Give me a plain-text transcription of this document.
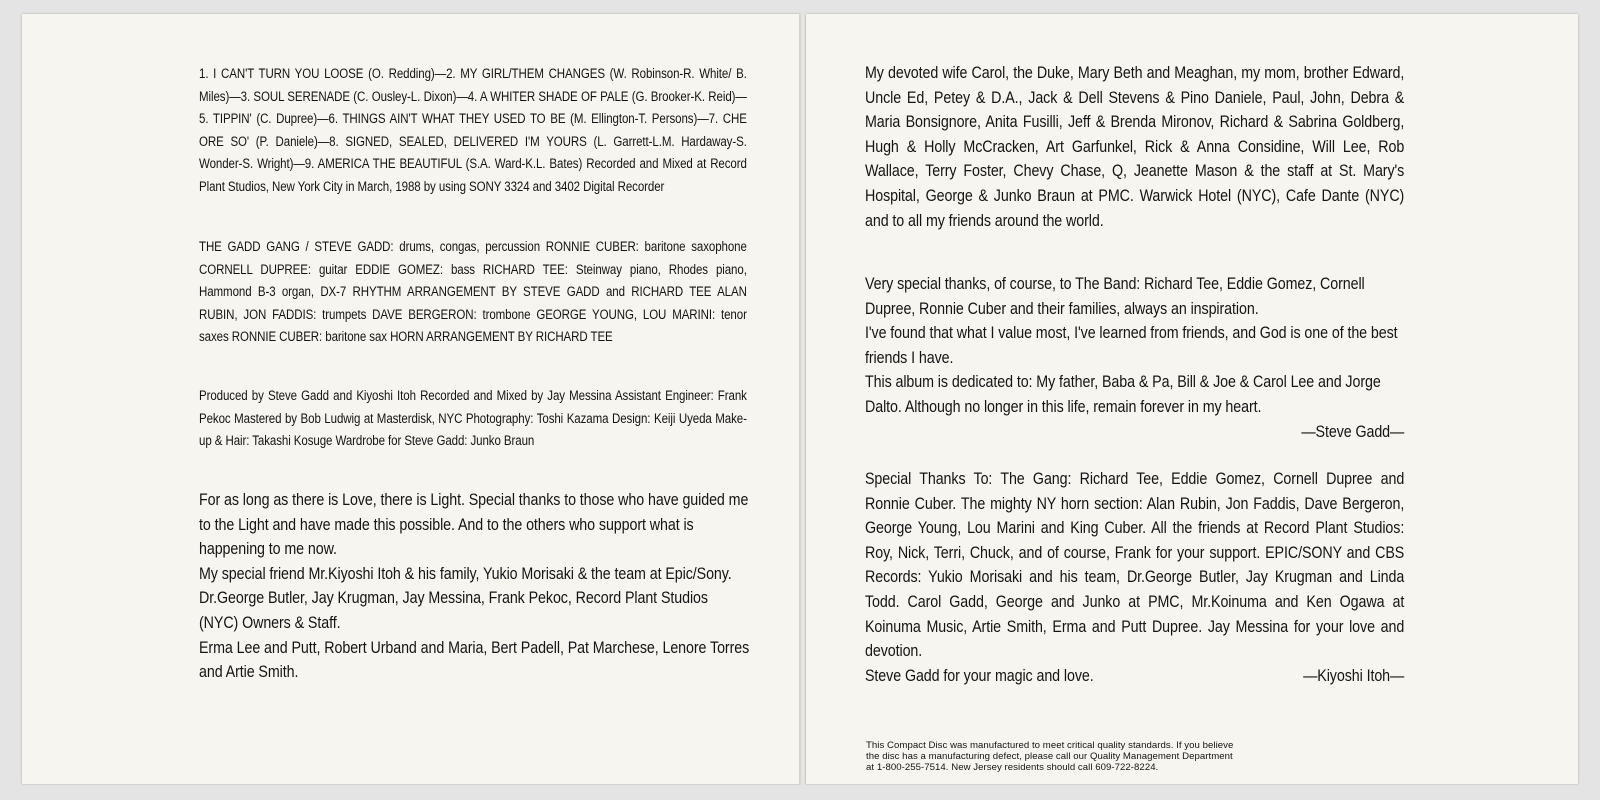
1. I CAN'T TURN YOU LOOSE (O. Redding)—2. MY GIRL/THEM CHANGES (W. Robinson-R. White/ B. Miles)—3. SOUL SERENADE (C. Ousley-L. Dixon)—4. A WHITER SHADE OF PALE (G. Brooker-K. Reid)—5. TIPPIN' (C. Dupree)—6. THINGS AIN'T WHAT THEY USED TO BE (M. Ellington-T. Persons)—7. CHE ORE SO' (P. Daniele)—8. SIGNED, SEALED, DELIVERED I'M YOURS (L. Garrett-L.M. Hardaway-S. Wonder-S. Wright)—9. AMERICA THE BEAUTIFUL (S.A. Ward-K.L. Bates) Recorded and Mixed at Record Plant Studios, New York City in March, 1988 by using SONY 3324 and 3402 Digital Recorder

THE GADD GANG / STEVE GADD: drums, congas, percussion RONNIE CUBER: baritone saxophone CORNELL DUPREE: guitar EDDIE GOMEZ: bass RICHARD TEE: Steinway piano, Rhodes piano, Hammond B-3 organ, DX-7 RHYTHM ARRANGEMENT BY STEVE GADD and RICHARD TEE ALAN RUBIN, JON FADDIS: trumpets DAVE BERGERON: trombone GEORGE YOUNG, LOU MARINI: tenor saxes RONNIE CUBER: baritone sax HORN ARRANGEMENT BY RICHARD TEE

Produced by Steve Gadd and Kiyoshi Itoh Recorded and Mixed by Jay Messina Assistant Engineer: Frank Pekoc Mastered by Bob Ludwig at Masterdisk, NYC Photography: Toshi Kazama Design: Keiji Uyeda Make-up & Hair: Takashi Kosuge Wardrobe for Steve Gadd: Junko Braun

For as long as there is Love, there is Light. Special thanks to those who have guided me to the Light and have made this possible. And to the others who support what is happening to me now.

My special friend Mr.Kiyoshi Itoh & his family, Yukio Morisaki & the team at Epic/Sony. Dr.George Butler, Jay Krugman, Jay Messina, Frank Pekoc, Record Plant Studios (NYC) Owners & Staff.

Erma Lee and Putt, Robert Urband and Maria, Bert Padell, Pat Marchese, Lenore Torres and Artie Smith.

My devoted wife Carol, the Duke, Mary Beth and Meaghan, my mom, brother Edward, Uncle Ed, Petey & D.A., Jack & Dell Stevens & Pino Daniele, Paul, John, Debra & Maria Bonsignore, Anita Fusilli, Jeff & Brenda Mironov, Richard & Sabrina Goldberg, Hugh & Holly McCracken, Art Garfunkel, Rick & Anna Considine, Will Lee, Rob Wallace, Terry Foster, Chevy Chase, Q, Jeanette Mason & the staff at St. Mary's Hospital, George & Junko Braun at PMC. Warwick Hotel (NYC), Cafe Dante (NYC) and to all my friends around the world.

Very special thanks, of course, to The Band: Richard Tee, Eddie Gomez, Cornell Dupree, Ronnie Cuber and their families, always an inspiration.

I've found that what I value most, I've learned from friends, and God is one of the best friends I have.

This album is dedicated to: My father, Baba & Pa, Bill & Joe & Carol Lee and Jorge Dalto. Although no longer in this life, remain forever in my heart.

—Steve Gadd—

Special Thanks To: The Gang: Richard Tee, Eddie Gomez, Cornell Dupree and Ronnie Cuber. The mighty NY horn section: Alan Rubin, Jon Faddis, Dave Bergeron, George Young, Lou Marini and King Cuber. All the friends at Record Plant Studios: Roy, Nick, Terri, Chuck, and of course, Frank for your support. EPIC/SONY and CBS Records: Yukio Morisaki and his team, Dr.George Butler, Jay Krugman and Linda Todd. Carol Gadd, George and Junko at PMC, Mr.Koinuma and Ken Ogawa at Koinuma Music, Artie Smith, Erma and Putt Dupree. Jay Messina for your love and devotion.

Steve Gadd for your magic and love.	—Kiyoshi Itoh—
This Compact Disc was manufactured to meet critical quality standards. If you believe
the disc has a manufacturing defect, please call our Quality Management Department
at 1-800-255-7514. New Jersey residents should call 609-722-8224.
